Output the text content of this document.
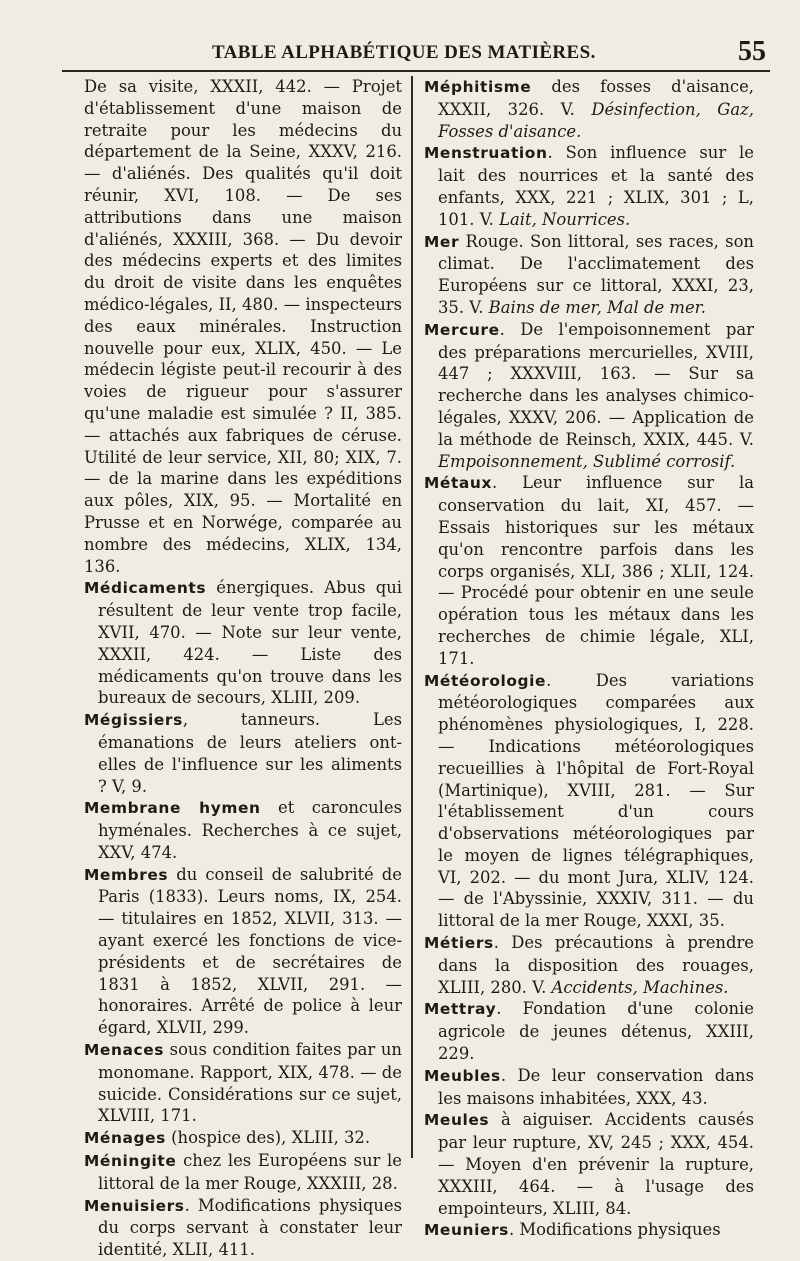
TABLE ALPHABÉTIQUE DES MATIÈRES.	55

De sa visite, XXXII, 442. — Projet d'établissement d'une maison de retraite pour les médecins du département de la Seine, XXXV, 216. — d'aliénés. Des qualités qu'il doit réunir, XVI, 108. — De ses attributions dans une maison d'aliénés, XXXIII, 368. — Du devoir des médecins experts et des limites du droit de visite dans les enquêtes médico-légales, II, 480. — inspecteurs des eaux minérales. Instruction nouvelle pour eux, XLIX, 450. — Le médecin légiste peut-il recourir à des voies de rigueur pour s'assurer qu'une maladie est simulée ? II, 385. — attachés aux fabriques de céruse. Utilité de leur service, XII, 80; XIX, 7. — de la marine dans les expéditions aux pôles, XIX, 95. — Mortalité en Prusse et en Norwége, comparée au nombre des médecins, XLIX, 134, 136.

Médicaments énergiques. Abus qui résultent de leur vente trop facile, XVII, 470. — Note sur leur vente, XXXII, 424. — Liste des médicaments qu'on trouve dans les bureaux de secours, XLIII, 209.

Mégissiers, tanneurs. Les émanations de leurs ateliers ont-elles de l'influence sur les aliments ? V, 9.

Membrane hymen et caroncules hyménales. Recherches à ce sujet, XXV, 474.

Membres du conseil de salubrité de Paris (1833). Leurs noms, IX, 254. — titulaires en 1852, XLVII, 313. — ayant exercé les fonctions de vice-présidents et de secrétaires de 1831 à 1852, XLVII, 291. — honoraires. Arrêté de police à leur égard, XLVII, 299.

Menaces sous condition faites par un monomane. Rapport, XIX, 478. — de suicide. Considérations sur ce sujet, XLVIII, 171.

Ménages (hospice des), XLIII, 32.

Méningite chez les Européens sur le littoral de la mer Rouge, XXXIII, 28.

Menuisiers. Modifications physiques du corps servant à constater leur identité, XLII, 411.

Méphitisme des fosses d'aisance, XXXII, 326. V. Désinfection, Gaz, Fosses d'aisance.

Menstruation. Son influence sur le lait des nourrices et la santé des enfants, XXX, 221 ; XLIX, 301 ; L, 101. V. Lait, Nourrices.

Mer Rouge. Son littoral, ses races, son climat. De l'acclimatement des Européens sur ce littoral, XXXI, 23, 35. V. Bains de mer, Mal de mer.

Mercure. De l'empoisonnement par des préparations mercurielles, XVIII, 447 ; XXXVIII, 163. — Sur sa recherche dans les analyses chimico-légales, XXXV, 206. — Application de la méthode de Reinsch, XXIX, 445. V. Empoisonnement, Sublimé corrosif.

Métaux. Leur influence sur la conservation du lait, XI, 457. — Essais historiques sur les métaux qu'on rencontre parfois dans les corps organisés, XLI, 386 ; XLII, 124. — Procédé pour obtenir en une seule opération tous les métaux dans les recherches de chimie légale, XLI, 171.

Météorologie. Des variations météorologiques comparées aux phénomènes physiologiques, I, 228. — Indications météorologiques recueillies à l'hôpital de Fort-Royal (Martinique), XVIII, 281. — Sur l'établissement d'un cours d'observations météorologiques par le moyen de lignes télégraphiques, VI, 202. — du mont Jura, XLIV, 124. — de l'Abyssinie, XXXIV, 311. — du littoral de la mer Rouge, XXXI, 35.

Métiers. Des précautions à prendre dans la disposition des rouages, XLIII, 280. V. Accidents, Machines.

Mettray. Fondation d'une colonie agricole de jeunes détenus, XXIII, 229.

Meubles. De leur conservation dans les maisons inhabitées, XXX, 43.

Meules à aiguiser. Accidents causés par leur rupture, XV, 245 ; XXX, 454. — Moyen d'en prévenir la rupture, XXXIII, 464. — à l'usage des empointeurs, XLIII, 84.

Meuniers. Modifications physiques
